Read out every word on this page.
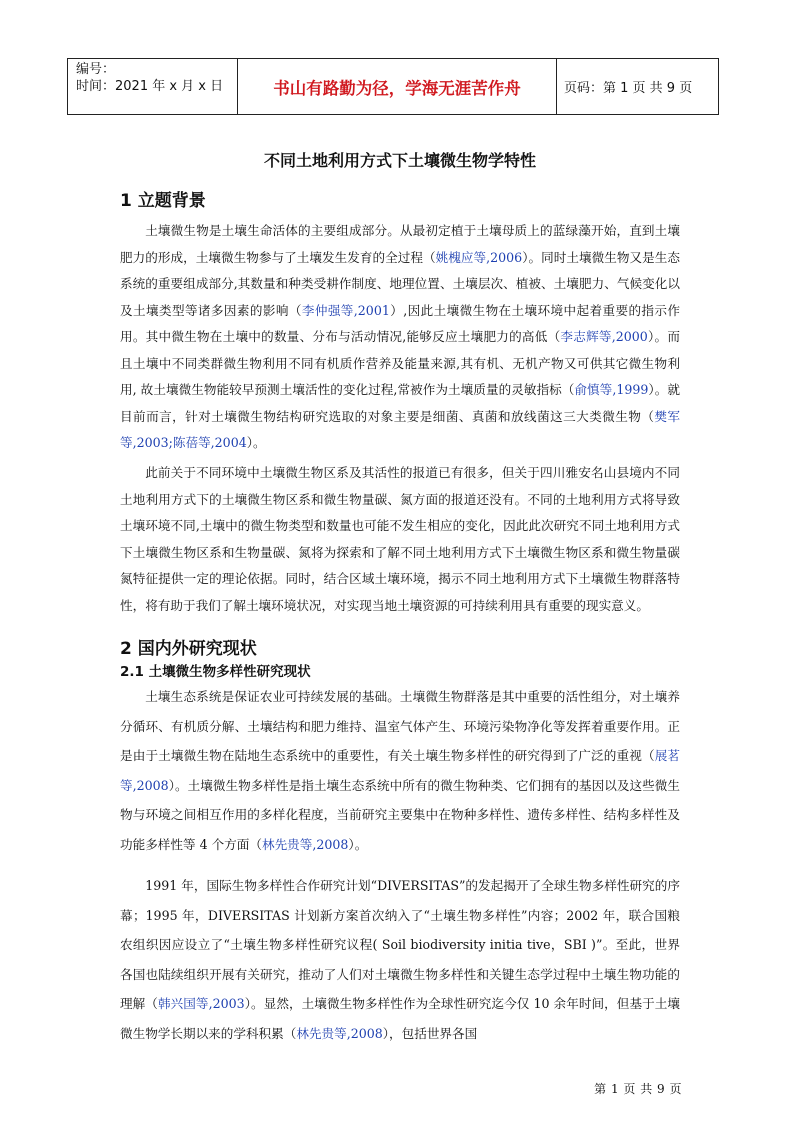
编号：
时间：2021 年 x 月 x 日	书山有路勤为径，学海无涯苦作舟	页码：第 1 页 共 9 页
不同土地利用方式下土壤微生物学特性
1 立题背景

土壤微生物是土壤生命活体的主要组成部分。从最初定植于土壤母质上的蓝绿藻开始，直到土壤肥力的形成，土壤微生物参与了土壤发生发育的全过程（姚槐应等,2006）。同时土壤微生物又是生态系统的重要组成部分,其数量和种类受耕作制度、地理位置、土壤层次、植被、土壤肥力、气候变化以及土壤类型等诸多因素的影响（李仲强等,2001）,因此土壤微生物在土壤环境中起着重要的指示作用。其中微生物在土壤中的数量、分布与活动情况,能够反应土壤肥力的高低（李志辉等,2000）。而且土壤中不同类群微生物利用不同有机质作营养及能量来源,其有机、无机产物又可供其它微生物利用, 故土壤微生物能较早预测土壤活性的变化过程,常被作为土壤质量的灵敏指标（俞慎等,1999）。就目前而言，针对土壤微生物结构研究选取的对象主要是细菌、真菌和放线菌这三大类微生物（樊军等,2003;陈蓓等,2004）。

此前关于不同环境中土壤微生物区系及其活性的报道已有很多，但关于四川雅安名山县境内不同土地利用方式下的土壤微生物区系和微生物量碳、氮方面的报道还没有。不同的土地利用方式将导致土壤环境不同,土壤中的微生物类型和数量也可能不发生相应的变化，因此此次研究不同土地利用方式下土壤微生物区系和生物量碳、氮将为探索和了解不同土地利用方式下土壤微生物区系和微生物量碳氮特征提供一定的理论依据。同时，结合区域土壤环境，揭示不同土地利用方式下土壤微生物群落特性，将有助于我们了解土壤环境状况，对实现当地土壤资源的可持续利用具有重要的现实意义。

2 国内外研究现状
2.1 土壤微生物多样性研究现状

土壤生态系统是保证农业可持续发展的基础。土壤微生物群落是其中重要的活性组分，对土壤养分循环、有机质分解、土壤结构和肥力维持、温室气体产生、环境污染物净化等发挥着重要作用。正是由于土壤微生物在陆地生态系统中的重要性，有关土壤生物多样性的研究得到了广泛的重视（展茗等,2008）。土壤微生物多样性是指土壤生态系统中所有的微生物种类、它们拥有的基因以及这些微生物与环境之间相互作用的多样化程度，当前研究主要集中在物种多样性、遗传多样性、结构多样性及功能多样性等 4 个方面（林先贵等,2008）。

1991 年，国际生物多样性合作研究计划“DIVERSITAS”的发起揭开了全球生物多样性研究的序幕；1995 年，DIVERSITAS 计划新方案首次纳入了“土壤生物多样性”内容；2002 年，联合国粮农组织因应设立了“土壤生物多样性研究议程( Soil biodiversity initia tive，SBI )”。至此，世界各国也陆续组织开展有关研究，推动了人们对土壤微生物多样性和关键生态学过程中土壤生物功能的理解（韩兴国等,2003）。显然，土壤微生物多样性作为全球性研究迄今仅 10 余年时间，但基于土壤微生物学长期以来的学科积累（林先贵等,2008），包括世界各国

第 1 页 共 9 页
